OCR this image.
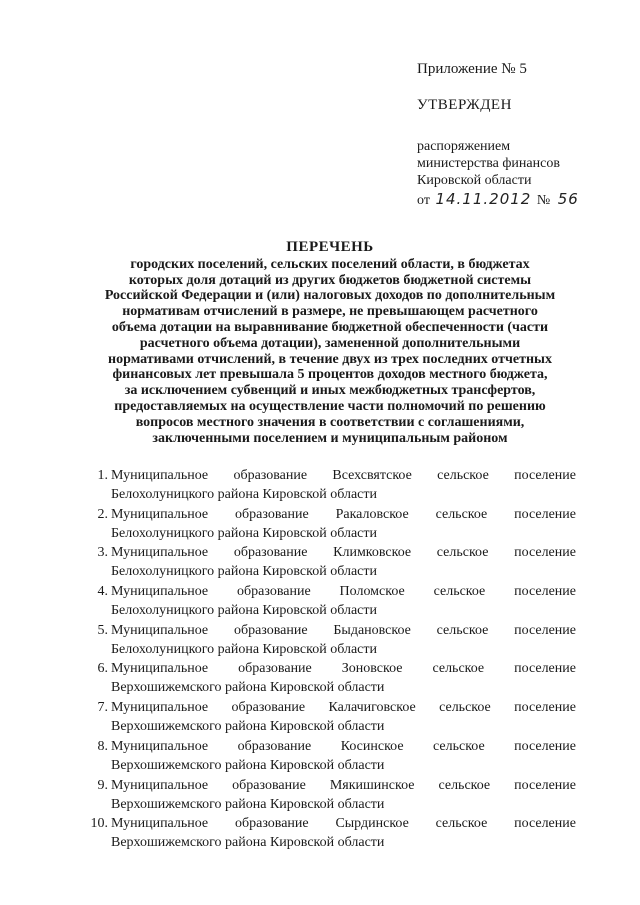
Приложение № 5
УТВЕРЖДЕН
распоряжением
министерства финансов
Кировской области
от 14.11.2012 № 56
ПЕРЕЧЕНЬ
городских поселений, сельских поселений области, в бюджетах
которых доля дотаций из других бюджетов бюджетной системы
Российской Федерации и (или) налоговых доходов по дополнительным
нормативам отчислений в размере, не превышающем расчетного
объема дотации на выравнивание бюджетной обеспеченности (части
расчетного объема дотации), замененной дополнительными
нормативами отчислений, в течение двух из трех последних отчетных
финансовых лет превышала 5 процентов доходов местного бюджета,
за исключением субвенций и иных межбюджетных трансфертов,
предоставляемых на осуществление части полномочий по решению
вопросов местного значения в соответствии с соглашениями,
заключенными поселением и муниципальным районом
1. Муниципальное образование Всехсвятское сельское поселение
Белохолуницкого района Кировской области
2. Муниципальное образование Ракаловское сельское поселение
Белохолуницкого района Кировской области
3. Муниципальное образование Климковское сельское поселение
Белохолуницкого района Кировской области
4. Муниципальное образование Поломское сельское поселение
Белохолуницкого района Кировской области
5. Муниципальное образование Быдановское сельское поселение
Белохолуницкого района Кировской области
6. Муниципальное образование Зоновское сельское поселение
Верхошижемского района Кировской области
7. Муниципальное образование Калачиговское сельское поселение
Верхошижемского района Кировской области
8. Муниципальное образование Косинское сельское поселение
Верхошижемского района Кировской области
9. Муниципальное образование Мякишинское сельское поселение
Верхошижемского района Кировской области
10. Муниципальное образование Сырдинское сельское поселение
Верхошижемского района Кировской области
